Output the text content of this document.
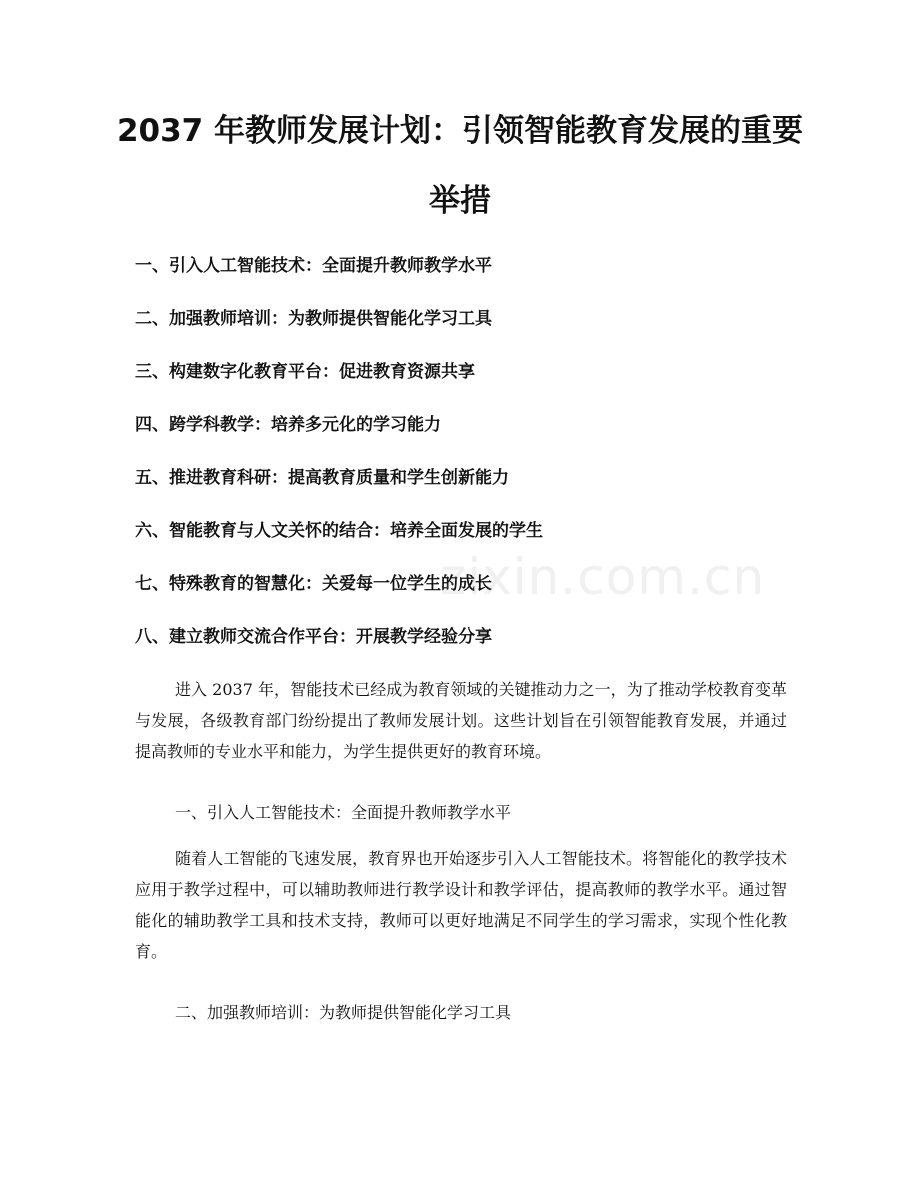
2037 年教师发展计划：引领智能教育发展的重要举措
一、引入人工智能技术：全面提升教师教学水平
二、加强教师培训：为教师提供智能化学习工具
三、构建数字化教育平台：促进教育资源共享
四、跨学科教学：培养多元化的学习能力
五、推进教育科研：提高教育质量和学生创新能力
六、智能教育与人文关怀的结合：培养全面发展的学生
七、特殊教育的智慧化：关爱每一位学生的成长
八、建立教师交流合作平台：开展教学经验分享
zixin.com.cn

进入 2037 年，智能技术已经成为教育领域的关键推动力之一，为了推动学校教育变革与发展，各级教育部门纷纷提出了教师发展计划。这些计划旨在引领智能教育发展，并通过提高教师的专业水平和能力，为学生提供更好的教育环境。

一、引入人工智能技术：全面提升教师教学水平

随着人工智能的飞速发展，教育界也开始逐步引入人工智能技术。将智能化的教学技术应用于教学过程中，可以辅助教师进行教学设计和教学评估，提高教师的教学水平。通过智能化的辅助教学工具和技术支持，教师可以更好地满足不同学生的学习需求，实现个性化教育。

二、加强教师培训：为教师提供智能化学习工具
